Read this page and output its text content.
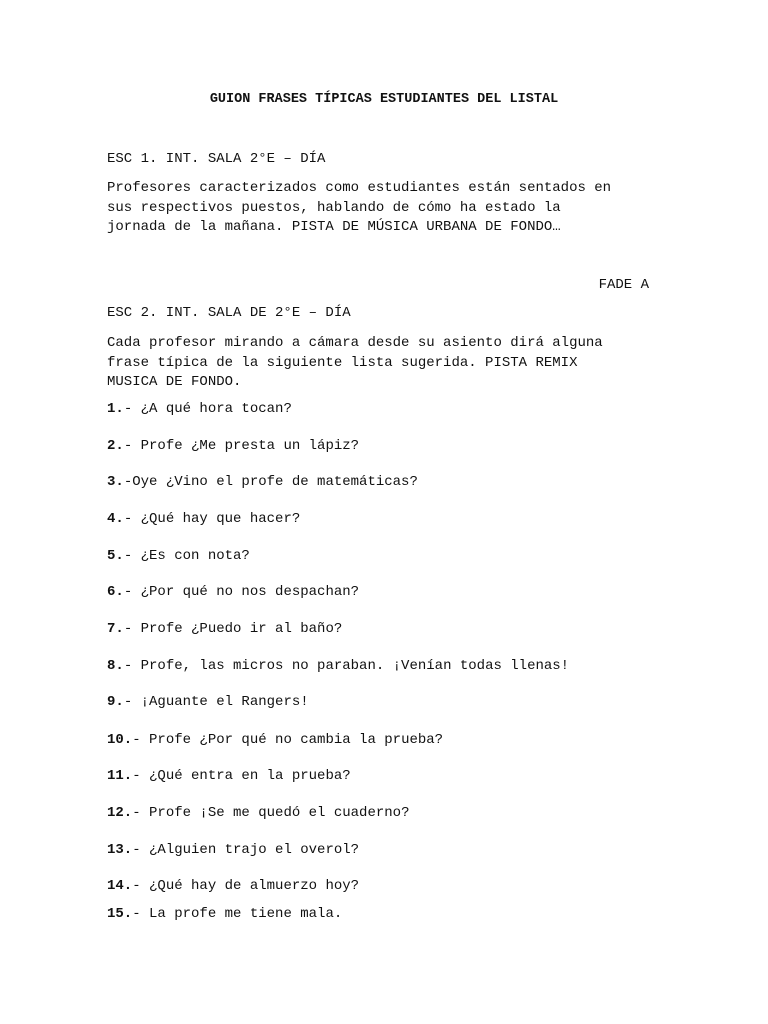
GUION FRASES TÍPICAS ESTUDIANTES DEL LISTAL
ESC 1. INT. SALA 2°E – DÍA
Profesores caracterizados como estudiantes están sentados en
sus respectivos puestos, hablando de cómo ha estado la
jornada de la mañana. PISTA DE MÚSICA URBANA DE FONDO…
FADE A
ESC 2. INT. SALA DE 2°E – DÍA
Cada profesor mirando a cámara desde su asiento dirá alguna
frase típica de la siguiente lista sugerida. PISTA REMIX
MUSICA DE FONDO.
1.- ¿A qué hora tocan?
2.- Profe ¿Me presta un lápiz?
3.-Oye ¿Vino el profe de matemáticas?
4.- ¿Qué hay que hacer?
5.- ¿Es con nota?
6.- ¿Por qué no nos despachan?
7.- Profe ¿Puedo ir al baño?
8.- Profe, las micros no paraban. ¡Venían todas llenas!
9.- ¡Aguante el Rangers!
10.- Profe ¿Por qué no cambia la prueba?
11.- ¿Qué entra en la prueba?
12.- Profe ¡Se me quedó el cuaderno?
13.- ¿Alguien trajo el overol?
14.- ¿Qué hay de almuerzo hoy?
15.- La profe me tiene mala.
